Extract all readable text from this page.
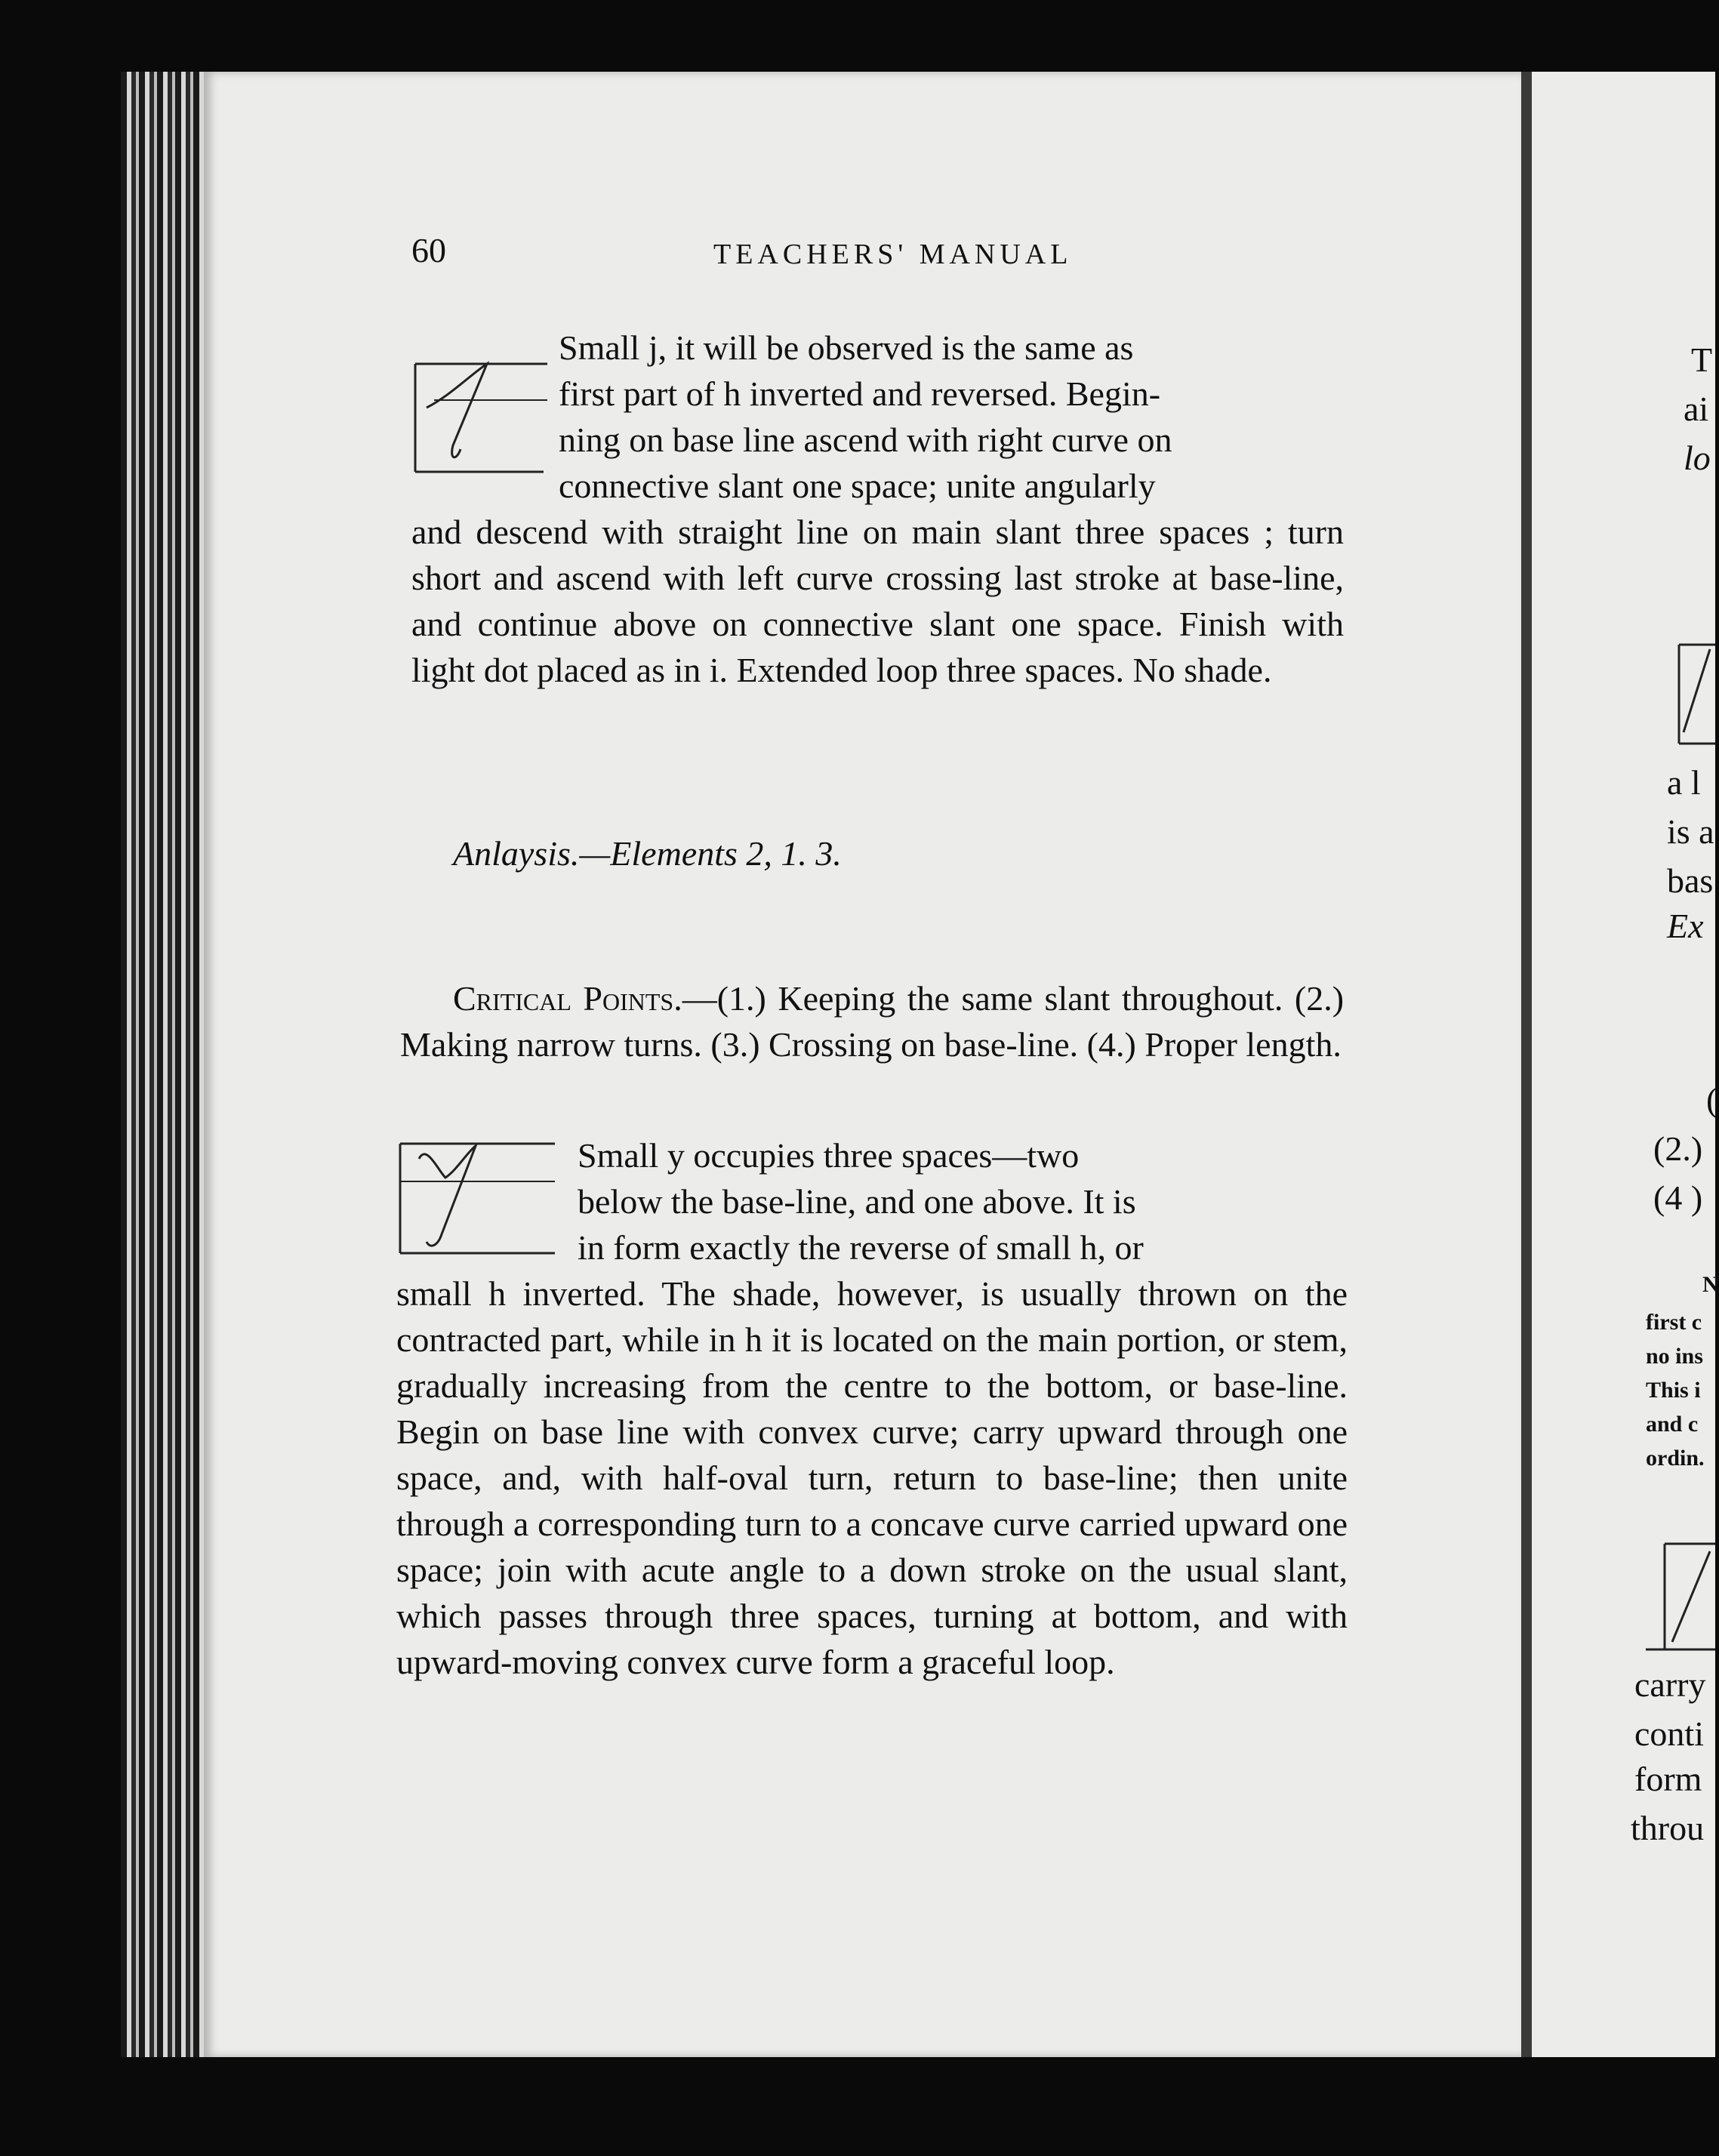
60	TEACHERS' MANUAL
Small j, it will be observed is the same as
first part of h inverted and reversed. Begin-
ning on base line ascend with right curve on
connective slant one space; unite angularly
and descend with straight line on main slant three spaces ; turn short and ascend with left curve crossing last stroke at base-line, and continue above on connective slant one space. Finish with light dot placed as in i. Extended loop three spaces. No shade.
Anlaysis.—Elements 2, 1. 3.
Critical Points.—(1.) Keeping the same slant throughout. (2.) Making narrow turns. (3.) Crossing on base-line. (4.) Proper length.
Small y occupies three spaces—two
below the base-line, and one above. It is
in form exactly the reverse of small h, or
small h inverted. The shade, however, is usually thrown on the contracted part, while in h it is located on the main portion, or stem, gradually increasing from the centre to the bottom, or base-line. Begin on base line with convex curve; carry upward through one space, and, with half-oval turn, return to base-line; then unite through a corresponding turn to a concave curve carried upward one space; join with acute angle to a down stroke on the usual slant, which passes through three spaces, turning at bottom, and with upward-moving convex curve form a graceful loop.
T
ai
lo
a l
is a
bas
Ex
(
(2.)
(4 )
N
first c
no ins
This i
and c
ordin.
carry
conti
form
throu
